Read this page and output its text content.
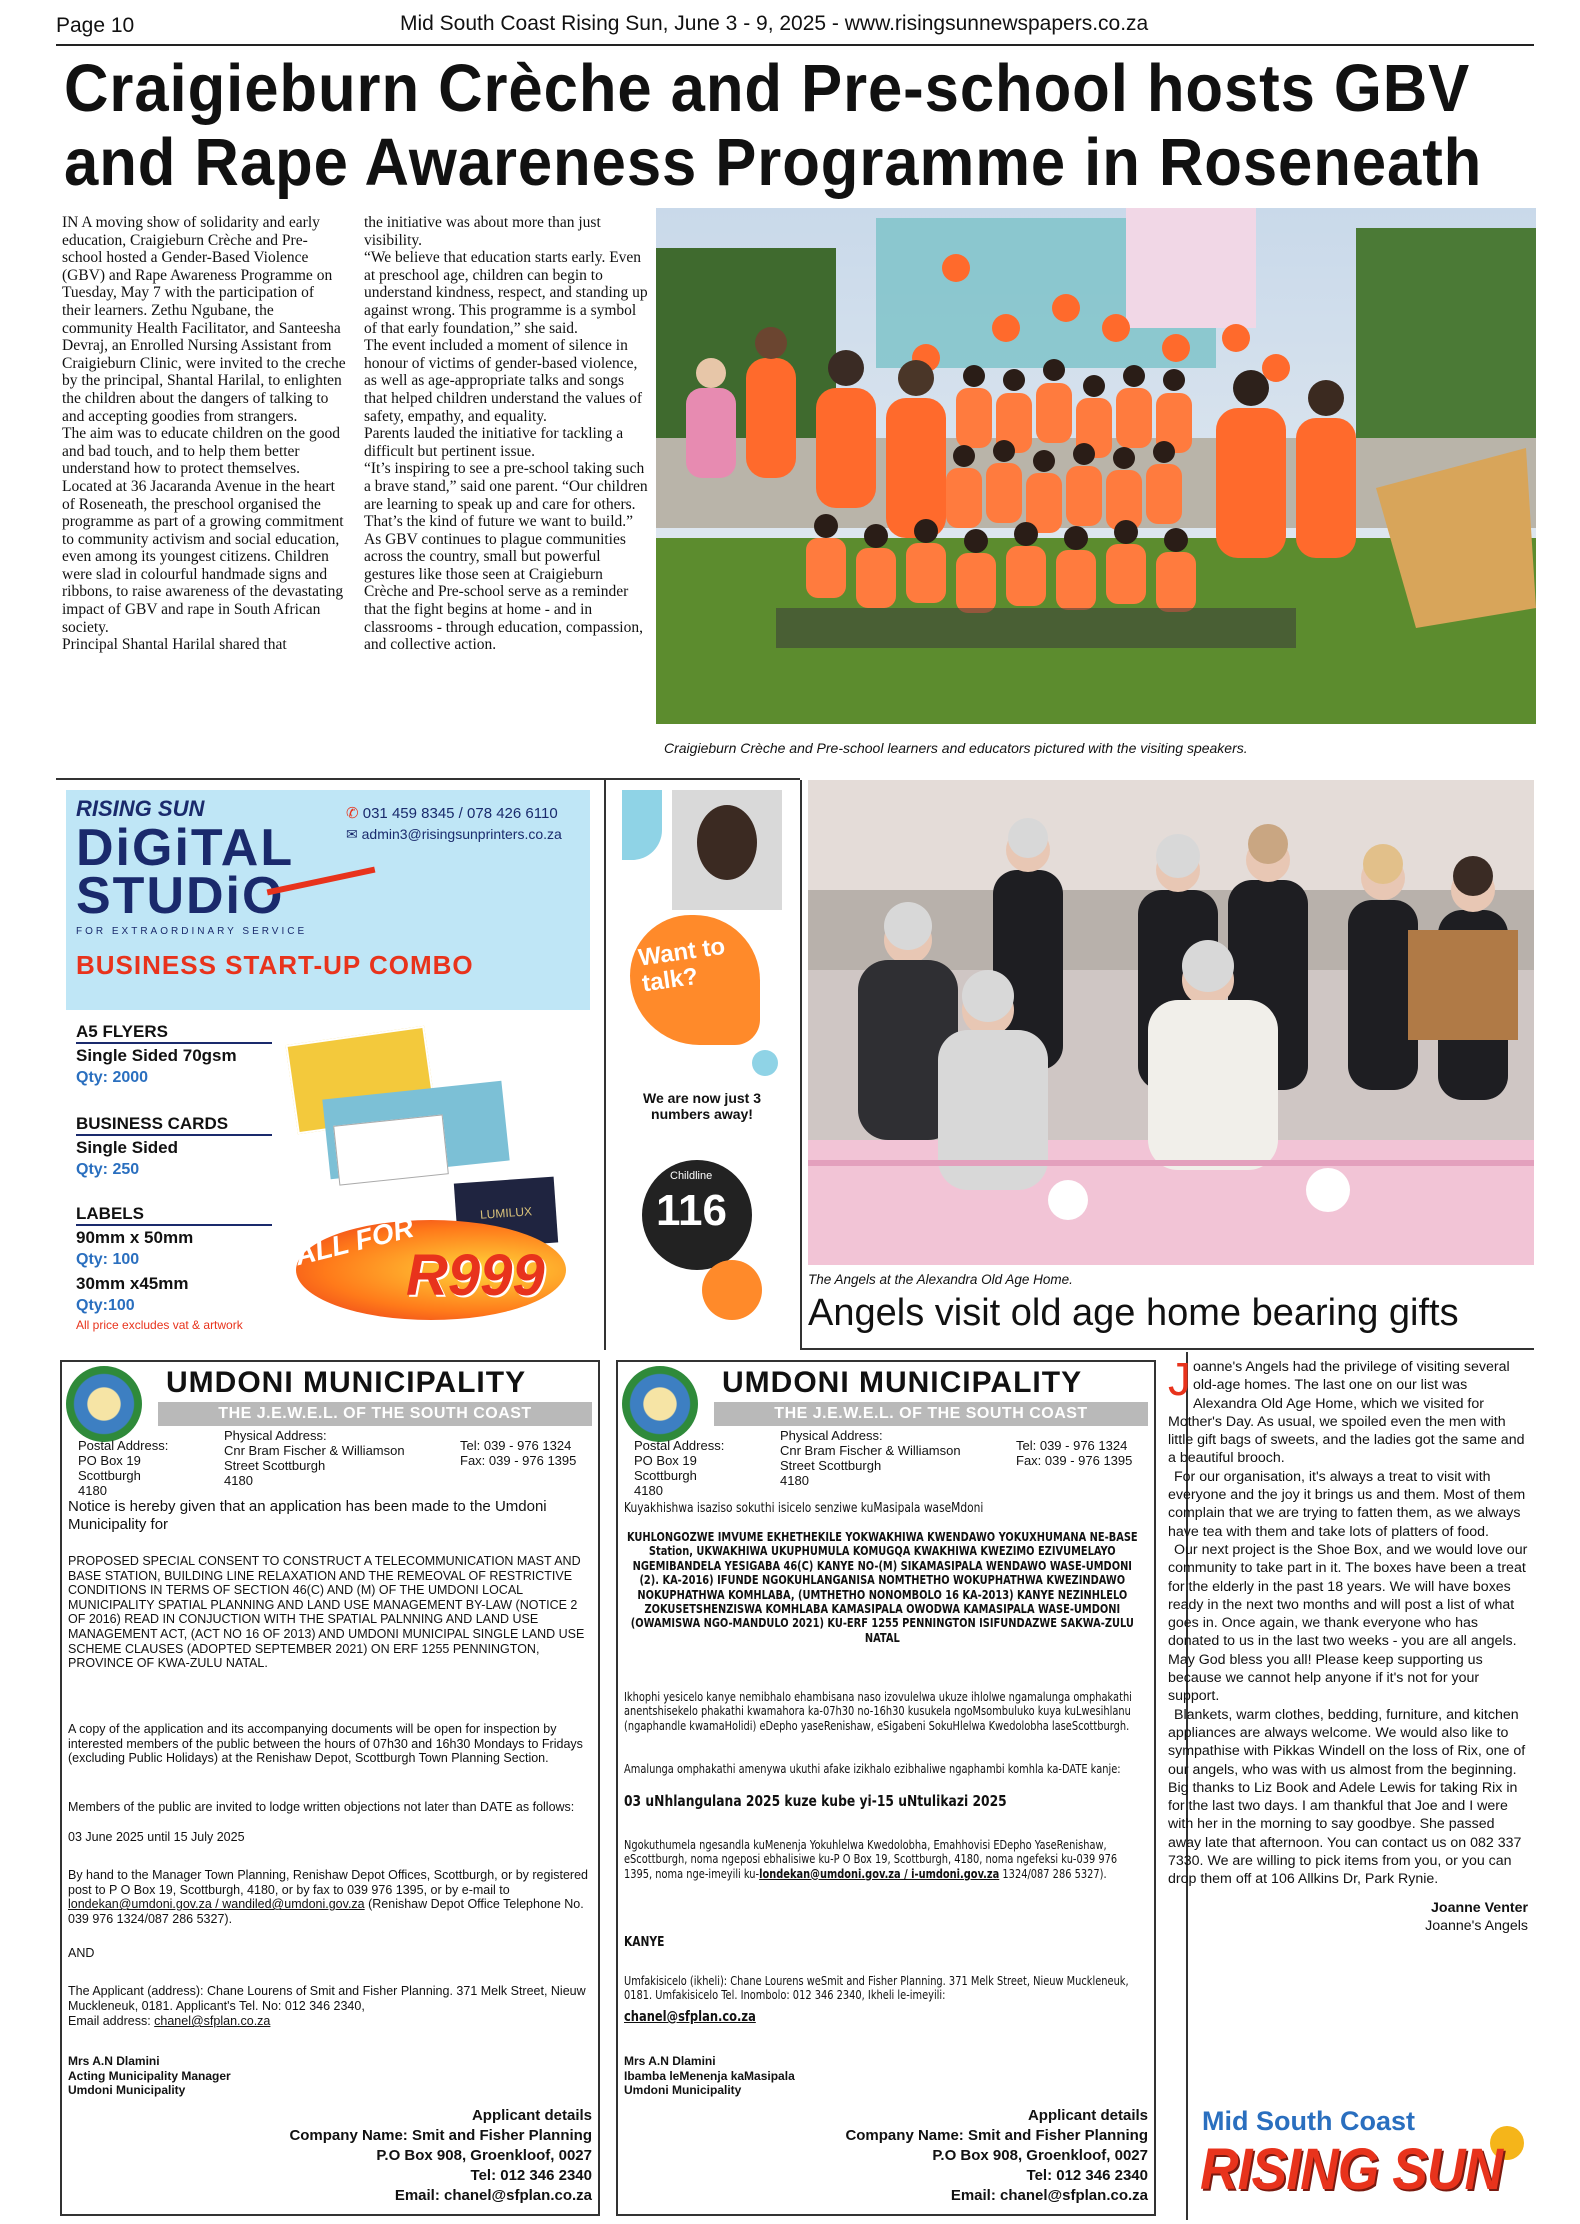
Page 10	Mid South Coast Rising Sun, June 3 - 9, 2025 - www.risingsunnewspapers.co.za
Craigieburn Crèche and Pre-school hosts GBV
and Rape Awareness Programme in Roseneath

IN A moving show of solidarity and early education, Craigieburn Crèche and Pre-school hosted a Gender-Based Violence (GBV) and Rape Awareness Programme on Tuesday, May 7 with the participation of their learners. Zethu Ngubane, the community Health Facilitator, and Santeesha Devraj, an Enrolled Nursing Assistant from Craigieburn Clinic, were invited to the creche by the principal, Shantal Harilal, to enlighten the children about the dangers of talking to and accepting goodies from strangers.

The aim was to educate children on the good and bad touch, and to help them better understand how to protect themselves.

Located at 36 Jacaranda Avenue in the heart of Roseneath, the preschool organised the programme as part of a growing commitment to community activism and social education, even among its youngest citizens. Children were slad in colourful handmade signs and ribbons, to raise awareness of the devastating impact of GBV and rape in South African society.

Principal Shantal Harilal shared that

the initiative was about more than just visibility.

“We believe that education starts early. Even at preschool age, children can begin to understand kindness, respect, and standing up against wrong. This programme is a symbol of that early foundation,” she said.

The event included a moment of silence in honour of victims of gender-based violence, as well as age-appropriate talks and songs that helped children understand the values of safety, empathy, and equality.

Parents lauded the initiative for tackling a difficult but pertinent issue.

“It’s inspiring to see a pre-school taking such a brave stand,” said one parent. “Our children are learning to speak up and care for others. That’s the kind of future we want to build.”

As GBV continues to plague communities across the country, small but powerful gestures like those seen at Craigieburn Crèche and Pre-school serve as a reminder that the fight begins at home - and in classrooms - through education, compassion, and collective action.

Craigieburn Crèche and Pre-school learners and educators pictured with the visiting speakers.
RISING SUN
DiGiTAL
STUDiO
FOR EXTRAORDINARY SERVICE
✆ 031 459 8345 / 078 426 6110
✉ admin3@risingsunprinters.co.za
BUSINESS START-UP COMBO
A5 FLYERS
Single Sided 70gsm
Qty: 2000
BUSINESS CARDS
Single Sided
Qty: 250
LABELS
90mm x 50mm
Qty: 100
30mm x45mm
Qty:100
All price excludes vat & artwork
LUMILUX
ALL FOR
R999
Want to talk?
We are now just 3 numbers away!
Childline
116
The Angels at the Alexandra Old Age Home.
Angels visit old age home bearing gifts
J oanne's Angels had the privilege of visiting several old-age homes. The last one on our list was Alexandra Old Age Home, which we visited for Mother's Day. As usual, we spoiled even the men with little gift bags of sweets, and the ladies got the same and a beautiful brooch.

For our organisation, it's always a treat to visit with everyone and the joy it brings us and them. Most of them complain that we are trying to fatten them, as we always have tea with them and take lots of platters of food.

Our next project is the Shoe Box, and we would love our community to take part in it. The boxes have been a treat for the elderly in the past 18 years. We will have boxes ready in the next two months and will post a list of what goes in. Once again, we thank everyone who has donated to us in the last two weeks - you are all angels. May God bless you all! Please keep supporting us because we cannot help anyone if it's not for your support.

Blankets, warm clothes, bedding, furniture, and kitchen appliances are always welcome. We would also like to sympathise with Pikkas Windell on the loss of Rix, one of our angels, who was with us almost from the beginning.

Big thanks to Liz Book and Adele Lewis for taking Rix in for the last two days. I am thankful that Joe and I were with her in the morning to say goodbye. She passed away late that afternoon. You can contact us on 082 337 7330. We are willing to pick items from you, or you can drop them off at 106 Allkins Dr, Park Rynie.

Joanne Venter

Joanne's Angels

Mid South Coast
RISING SUN
UMDONI MUNICIPALITY
THE J.E.W.E.L. OF THE SOUTH COAST
Postal Address:
PO Box 19
Scottburgh
4180
Physical Address:
Cnr Bram Fischer & Williamson
Street Scottburgh
4180
Tel: 039 - 976 1324
Fax: 039 - 976 1395
Notice is hereby given that an application has been made to the Umdoni Municipality for
PROPOSED SPECIAL CONSENT TO CONSTRUCT A TELECOMMUNICATION MAST AND BASE STATION, BUILDING LINE RELAXATION AND THE REMEOVAL OF RESTRICTIVE CONDITIONS IN TERMS OF SECTION 46(C) AND (M) OF THE UMDONI LOCAL MUNICIPALITY SPATIAL PLANNING AND LAND USE MANAGEMENT BY-LAW (NOTICE 2 OF 2016) READ IN CONJUCTION WITH THE SPATIAL PALNNING AND LAND USE MANAGEMENT ACT, (ACT NO 16 OF 2013) AND UMDONI MUNICIPAL SINGLE LAND USE SCHEME CLAUSES (ADOPTED SEPTEMBER 2021) ON ERF 1255 PENNINGTON, PROVINCE OF KWA-ZULU NATAL.
A copy of the application and its accompanying documents will be open for inspection by interested members of the public between the hours of 07h30 and 16h30 Mondays to Fridays (excluding Public Holidays) at the Renishaw Depot, Scottburgh Town Planning Section.
Members of the public are invited to lodge written objections not later than DATE as follows:
03 June 2025 until 15 July 2025
By hand to the Manager Town Planning, Renishaw Depot Offices, Scottburgh, or by registered post to P O Box 19, Scottburgh, 4180, or by fax to 039 976 1395, or by e-mail to londekan@umdoni.gov.za / wandiled@umdoni.gov.za (Renishaw Depot Office Telephone No. 039 976 1324/087 286 5327).
AND
The Applicant (address): Chane Lourens of Smit and Fisher Planning. 371 Melk Street, Nieuw Muckleneuk, 0181. Applicant's Tel. No: 012 346 2340,
Email address: chanel@sfplan.co.za
Mrs A.N Dlamini
Acting Municipality Manager
Umdoni Municipality
Applicant details
Company Name: Smit and Fisher Planning
P.O Box 908, Groenkloof, 0027
Tel: 012 346 2340
Email: chanel@sfplan.co.za
UMDONI MUNICIPALITY
THE J.E.W.E.L. OF THE SOUTH COAST
Postal Address:
PO Box 19
Scottburgh
4180
Physical Address:
Cnr Bram Fischer & Williamson
Street Scottburgh
4180
Tel: 039 - 976 1324
Fax: 039 - 976 1395
Kuyakhishwa isaziso sokuthi isicelo senziwe kuMasipala waseMdoni
KUHLONGOZWE IMVUME EKHETHEKILE YOKWAKHIWA KWENDAWO YOKUXHUMANA NE-BASE Station, UKWAKHIWA UKUPHUMULA KOMUGQA KWAKHIWA KWEZIMO EZIVUMELAYO NGEMIBANDELA YESIGABA 46(C) KANYE NO-(M) SIKAMASIPALA WENDAWO WASE-UMDONI (2). KA-2016) IFUNDE NGOKUHLANGANISA NOMTHETHO WOKUPHATHWA KWEZINDAWO NOKUPHATHWA KOMHLABA, (UMTHETHO NONOMBOLO 16 KA-2013) KANYE NEZINHLELO ZOKUSETSHENZISWA KOMHLABA KAMASIPALA OWODWA KAMASIPALA WASE-UMDONI (OWAMISWA NGO-MANDULO 2021) KU-ERF 1255 PENNINGTON ISIFUNDAZWE SAKWA-ZULU NATAL
Ikhophi yesicelo kanye nemibhalo ehambisana naso izovulelwa ukuze ihlolwe ngamalunga omphakathi anentshisekelo phakathi kwamahora ka-07h30 no-16h30 kusukela ngoMsombuluko kuya kuLwesihlanu (ngaphandle kwamaHolidi) eDepho yaseRenishaw, eSigabeni SokuHlelwa Kwedolobha laseScottburgh.
Amalunga omphakathi amenywa ukuthi afake izikhalo ezibhaliwe ngaphambi komhla ka-DATE kanje:
03 uNhlangulana 2025 kuze kube yi-15 uNtulikazi 2025
Ngokuthumela ngesandla kuMenenja Yokuhlelwa Kwedolobha, Emahhovisi EDepho YaseRenishaw, eScottburgh, noma ngeposi ebhalisiwe ku-P O Box 19, Scottburgh, 4180, noma ngefeksi ku-039 976 1395, noma nge-imeyili ku-londekan@umdoni.gov.za / i-umdoni.gov.za 1324/087 286 5327).
KANYE
Umfakisicelo (ikheli): Chane Lourens weSmit and Fisher Planning. 371 Melk Street, Nieuw Muckleneuk, 0181. Umfakisicelo Tel. Inombolo: 012 346 2340, Ikheli le-imeyili:
chanel@sfplan.co.za
Mrs A.N Dlamini
Ibamba leMenenja kaMasipala
Umdoni Municipality
Applicant details
Company Name: Smit and Fisher Planning
P.O Box 908, Groenkloof, 0027
Tel: 012 346 2340
Email: chanel@sfplan.co.za
